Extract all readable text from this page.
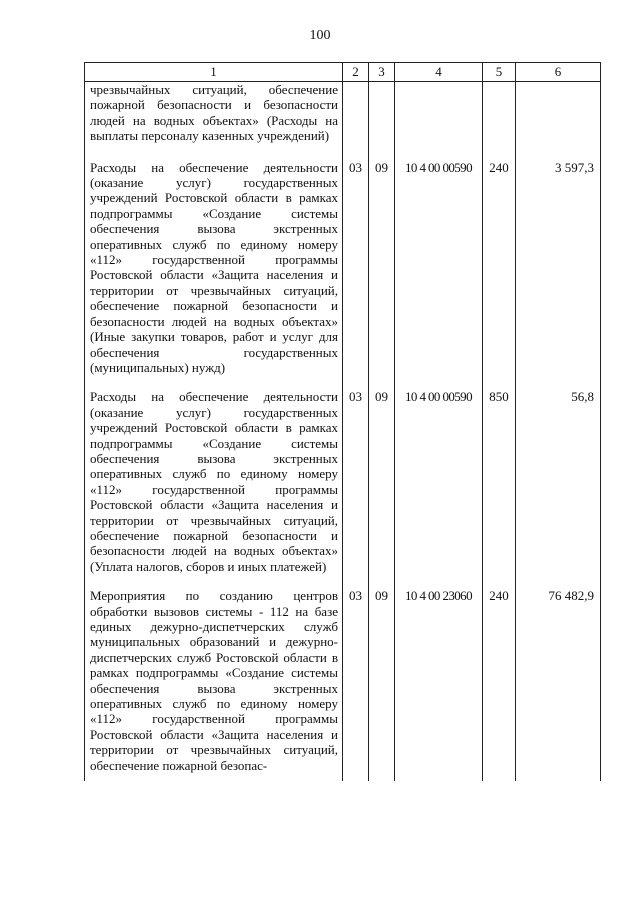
100
1	2	3	4	5	6
чрезвычайных ситуаций, обеспечение пожарной безопасности и безопасности людей на водных объектах» (Расходы на выплаты персоналу казенных учреждений)					
Расходы на обеспечение деятельности (оказание услуг) государственных учреждений Ростовской области в рамках подпрограммы «Создание системы обеспечения вызова экстренных оперативных служб по единому номеру «112» государственной программы Ростовской области «Защита населения и территории от чрезвычайных ситуаций, обеспечение пожарной безопасности и безопасности людей на водных объектах» (Иные закупки товаров, работ и услуг для обеспечения государственных (муниципальных) нужд)	03	09	10 4 00 00590	240	3 597,3
Расходы на обеспечение деятельности (оказание услуг) государственных учреждений Ростовской области в рамках подпрограммы «Создание системы обеспечения вызова экстренных оперативных служб по единому номеру «112» государственной программы Ростовской области «Защита населения и территории от чрезвычайных ситуаций, обеспечение пожарной безопасности и безопасности людей на водных объектах» (Уплата налогов, сборов и иных платежей)	03	09	10 4 00 00590	850	56,8
Мероприятия по созданию центров обработки вызовов системы - 112 на базе единых дежурно-диспетчерских служб муниципальных образований и дежурно-диспетчерских служб Ростовской области в рамках подпрограммы «Создание системы обеспечения вызова экстренных оперативных служб по единому номеру «112» государственной программы Ростовской области «Защита населения и территории от чрезвычайных ситуаций, обеспечение пожарной безопас-	03	09	10 4 00 23060	240	76 482,9
